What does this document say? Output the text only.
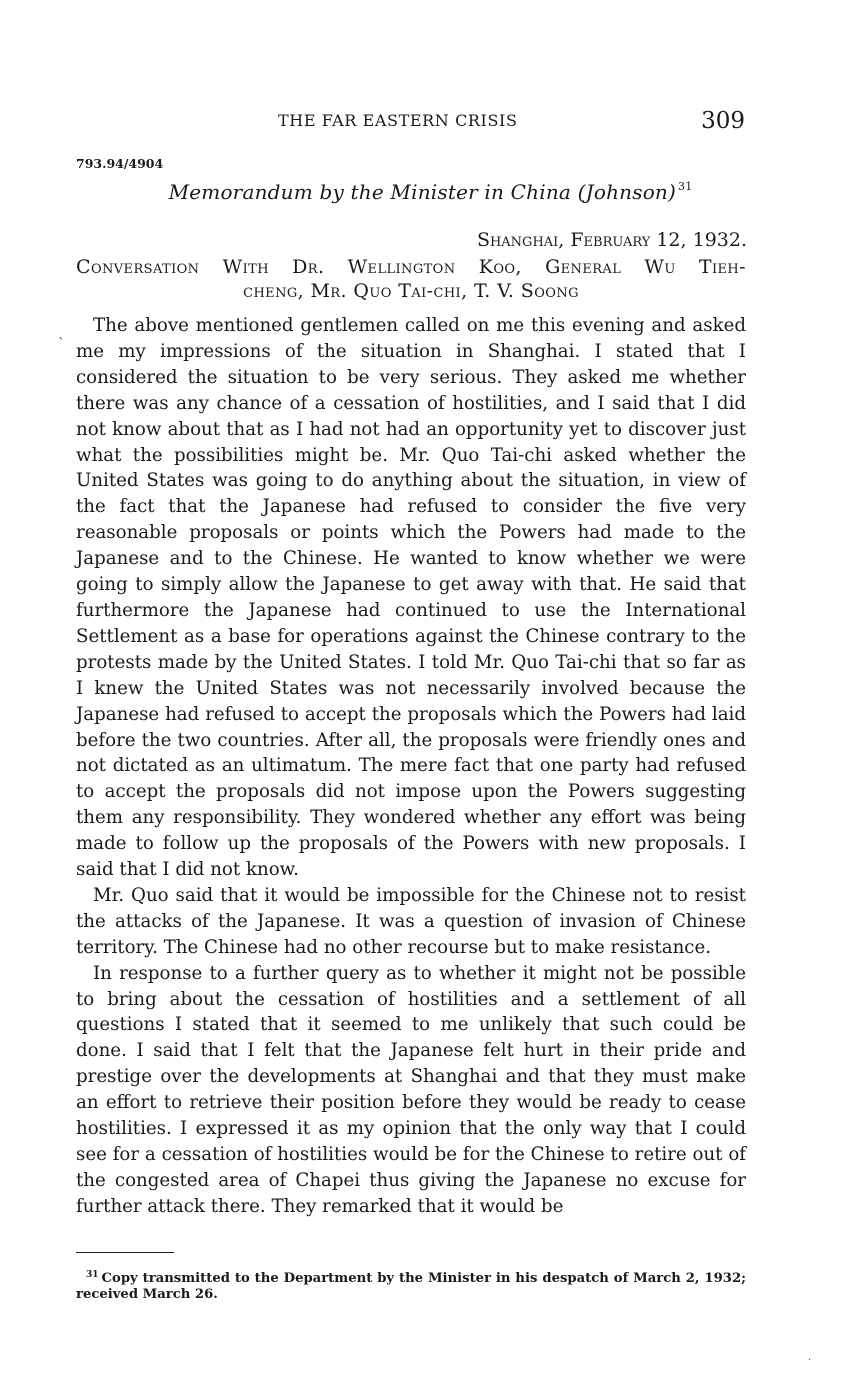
THE FAR EASTERN CRISIS	309
793.94/4904
Memorandum by the Minister in China (Johnson) $^{31}$
Shanghai, February 12, 1932.
Conversation With Dr. Wellington Koo, General Wu Tieh-
cheng, Mr. Quo Tai-chi, T. V. Soong
`

The above mentioned gentlemen called on me this evening and asked me my impressions of the situation in Shanghai. I stated that I considered the situation to be very serious. They asked me whether there was any chance of a cessation of hostilities, and I said that I did not know about that as I had not had an opportunity yet to discover just what the possibilities might be. Mr. Quo Tai-chi asked whether the United States was going to do anything about the situation, in view of the fact that the Japanese had refused to consider the five very reasonable proposals or points which the Powers had made to the Japanese and to the Chinese. He wanted to know whether we were going to simply allow the Japanese to get away with that. He said that furthermore the Japanese had continued to use the International Settlement as a base for operations against the Chinese contrary to the protests made by the United States. I told Mr. Quo Tai-chi that so far as I knew the United States was not necessarily involved because the Japanese had refused to accept the proposals which the Powers had laid before the two countries. After all, the proposals were friendly ones and not dictated as an ultimatum. The mere fact that one party had refused to accept the proposals did not impose upon the Powers suggesting them any responsibility. They wondered whether any effort was being made to follow up the proposals of the Powers with new proposals. I said that I did not know.

Mr. Quo said that it would be impossible for the Chinese not to resist the attacks of the Japanese. It was a question of invasion of Chinese territory. The Chinese had no other recourse but to make resistance.

In response to a further query as to whether it might not be possible to bring about the cessation of hostilities and a settlement of all questions I stated that it seemed to me unlikely that such could be done. I said that I felt that the Japanese felt hurt in their pride and prestige over the developments at Shanghai and that they must make an effort to retrieve their position before they would be ready to cease hostilities. I expressed it as my opinion that the only way that I could see for a cessation of hostilities would be for the Chinese to retire out of the congested area of Chapei thus giving the Japanese no excuse for further attack there. They remarked that it would be

$^{31}$ Copy transmitted to the Department by the Minister in his despatch of March 2, 1932; received March 26.
·
